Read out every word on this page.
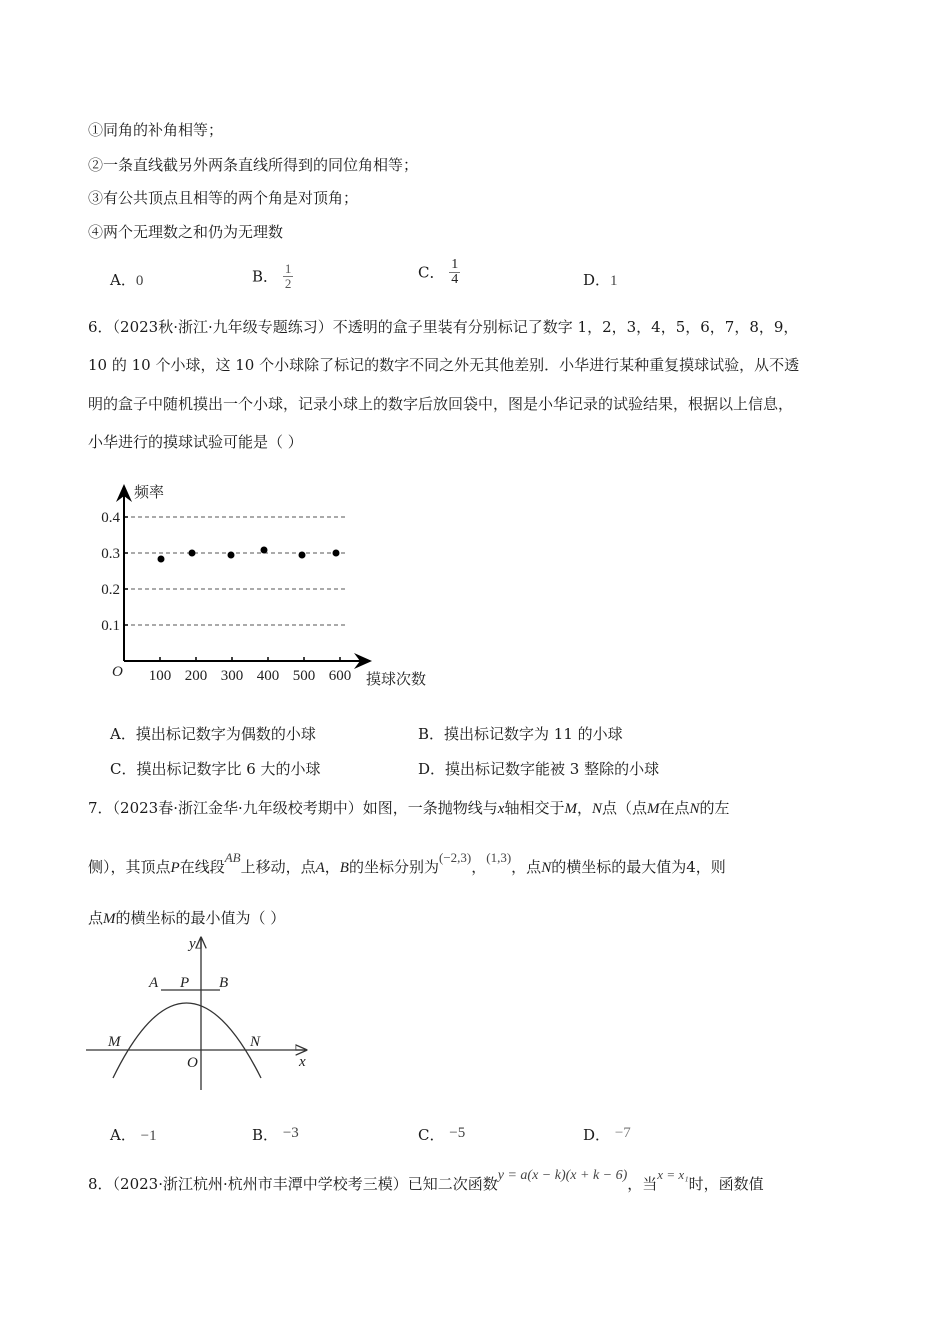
①同角的补角相等；
②一条直线截另外两条直线所得到的同位角相等；
③有公共顶点且相等的两个角是对顶角；
④两个无理数之和仍为无理数
A．0	B． $\frac{1}{2}$	C． $\frac{1}{4}$	D．1
6．（2023秋·浙江·九年级专题练习）不透明的盒子里装有分别标记了数字 1，2，3，4，5，6，7，8，9，
10 的 10 个小球，这 10 个小球除了标记的数字不同之外无其他差别．小华进行某种重复摸球试验，从不透
明的盒子中随机摸出一个小球，记录小球上的数字后放回袋中，图是小华记录的试验结果，根据以上信息，
小华进行的摸球试验可能是（ ）
0.4
0.3
0.2
0.1
100 200 300 400 500 600
O
频率
摸球次数
A．摸出标记数字为偶数的小球	B．摸出标记数字为 11 的小球
C．摸出标记数字比 6 大的小球	D．摸出标记数字能被 3 整除的小球
7．（2023春·浙江金华·九年级校考期中）如图，一条抛物线与x轴相交于M，N点（点M在点N的左
侧），其顶点P在线段AB上移动，点A，B的坐标分别为(−2,3)，(1,3)，点N的横坐标的最大值为4，则
点M的横坐标的最小值为（ ）
y
x
A P B
M	N
O
A． −1	B． −3	C． −5	D． −7
8．（2023·浙江杭州·杭州市丰潭中学校考三模）已知二次函数y = a(x − k)(x + k − 6)，当x = x₁时，函数值
